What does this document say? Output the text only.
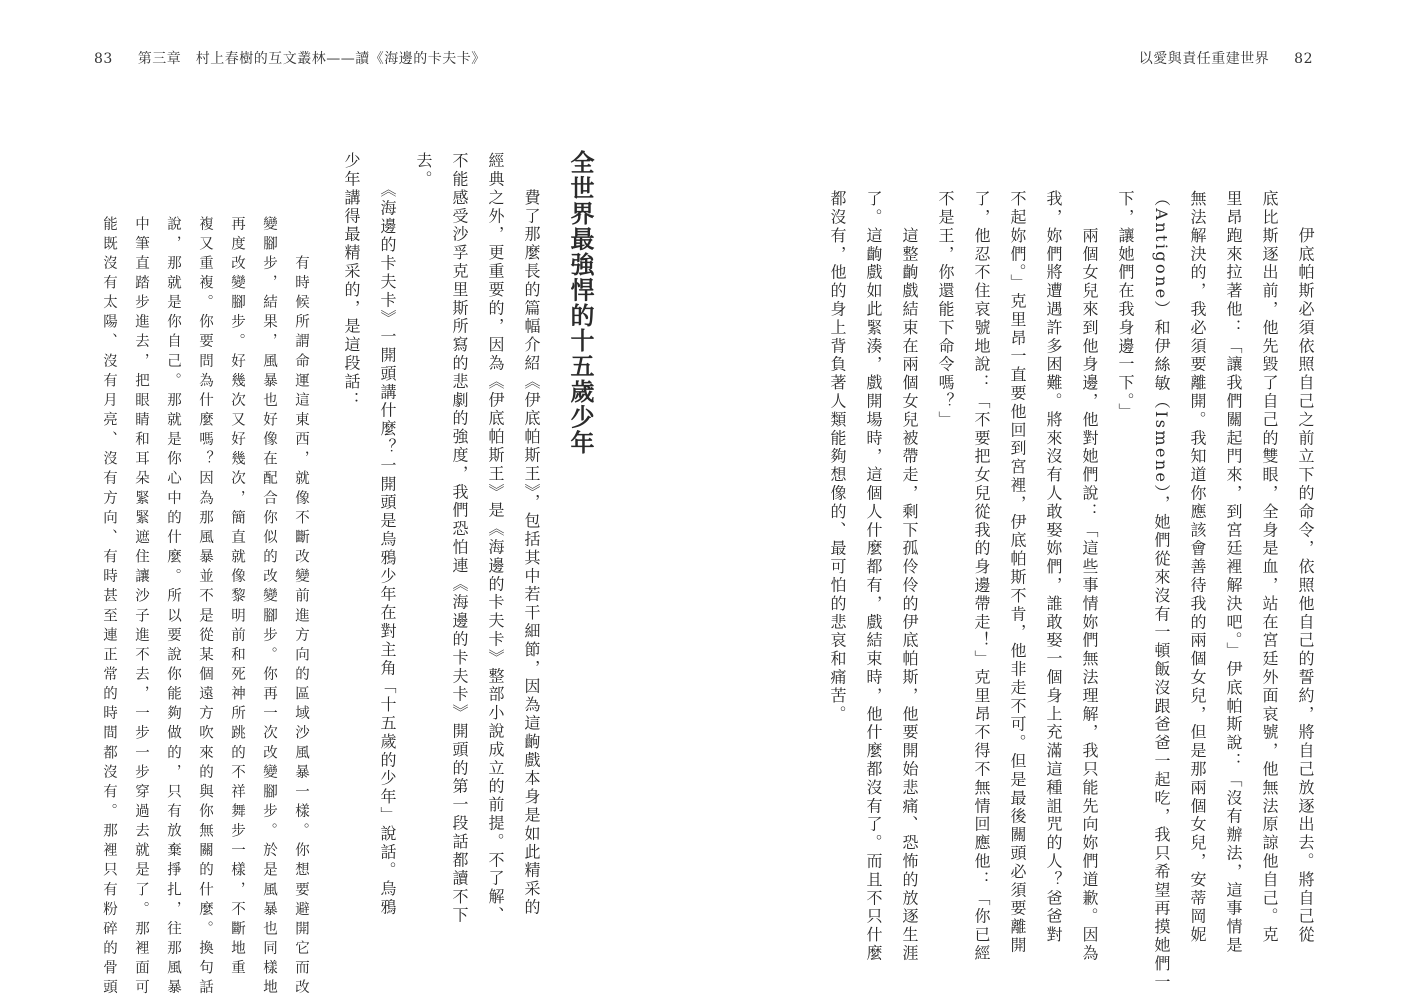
83 第三章　村上春樹的互文叢林——讀《海邊的卡夫卡》	以愛與責任重建世界 82
　　伊底帕斯必須依照自己之前立下的命令，依照他自己的誓約，將自己放逐出去。將自己從
底比斯逐出前，他先毀了自己的雙眼，全身是血，站在宮廷外面哀號，他無法原諒他自己。克
里昂跑來拉著他：「讓我們關起門來，到宮廷裡解決吧。」伊底帕斯說：「沒有辦法，這事情是
無法解決的，我必須要離開。我知道你應該會善待我的兩個女兒，但是那兩個女兒，安蒂岡妮
（Antigone）和伊絲敏（Ismene），她們從來沒有一頓飯沒跟爸爸一起吃，我只希望再摸她們一
下，讓她們在我身邊一下。」
　　兩個女兒來到他身邊，他對她們說：「這些事情妳們無法理解，我只能先向妳們道歉。因為
我，妳們將遭遇許多困難。將來沒有人敢娶妳們，誰敢娶一個身上充滿這種詛咒的人？爸爸對
不起妳們。」克里昂一直要他回到宮裡，伊底帕斯不肯，他非走不可。但是最後關頭必須要離開
了，他忍不住哀號地說：「不要把女兒從我的身邊帶走！」克里昂不得不無情回應他：「你已經
不是王，你還能下命令嗎？」
　　這整齣戲結束在兩個女兒被帶走，剩下孤伶伶的伊底帕斯，他要開始悲痛、恐怖的放逐生涯
了。這齣戲如此緊湊，戲開場時，這個人什麼都有，戲結束時，他什麼都沒有了。而且不只什麼
都沒有，他的身上背負著人類能夠想像的、最可怕的悲哀和痛苦。
全世界最強悍的十五歲少年
　　費了那麼長的篇幅介紹《伊底帕斯王》，包括其中若干細節，因為這齣戲本身是如此精采的
經典之外，更重要的，因為《伊底帕斯王》是《海邊的卡夫卡》整部小說成立的前提。不了解、
不能感受沙孚克里斯所寫的悲劇的強度，我們恐怕連《海邊的卡夫卡》開頭的第一段話都讀不下
去。
　　《海邊的卡夫卡》一開頭講什麼？一開頭是烏鴉少年在對主角「十五歲的少年」說話。烏鴉
少年講得最精采的，是這段話：
　　有時候所謂命運這東西，就像不斷改變前進方向的區域沙風暴一樣。你想要避開它而改
變腳步，結果，風暴也好像在配合你似的改變腳步。你再一次改變腳步。於是風暴也同樣地
再度改變腳步。好幾次又好幾次，簡直就像黎明前和死神所跳的不祥舞步一樣，不斷地重
複又重複。你要問為什麼嗎？因為那風暴並不是從某個遠方吹來的與你無關的什麼。換句話
說，那就是你自己。那就是你心中的什麼。所以要說你能夠做的，只有放棄掙扎，往那風暴
中筆直踏步進去，把眼睛和耳朵緊緊遮住讓沙子進不去，一步一步穿過去就是了。那裡面可
能既沒有太陽、沒有月亮、沒有方向、有時甚至連正常的時間都沒有。那裡只有粉碎的骨頭
